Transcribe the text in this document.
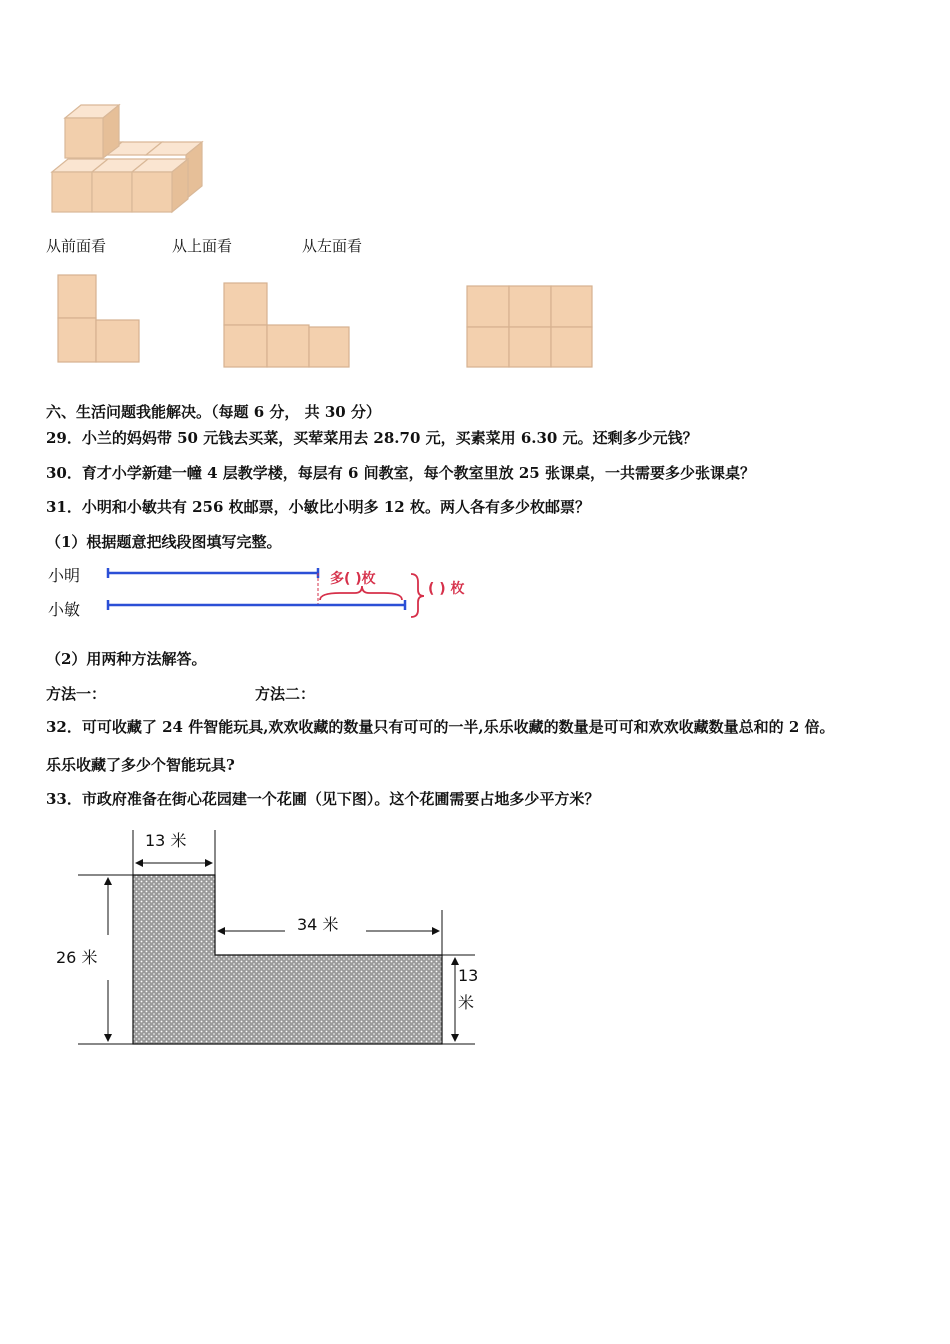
从前面看	从上面看	从左面看
六、生活问题我能解决。（每题 6 分， 共 30 分）
29．小兰的妈妈带 50 元钱去买菜，买荤菜用去 28.70 元，买素菜用 6.30 元。还剩多少元钱？
30．育才小学新建一幢 4 层教学楼，每层有 6 间教室，每个教室里放 25 张课桌，一共需要多少张课桌？
31．小明和小敏共有 256 枚邮票，小敏比小明多 12 枚。两人各有多少枚邮票？
（1）根据题意把线段图填写完整。
小明
小敏
多( )枚
( ) 枚
（2）用两种方法解答。
方法一：	方法二：
32．可可收藏了 24 件智能玩具,欢欢收藏的数量只有可可的一半,乐乐收藏的数量是可可和欢欢收藏数量总和的 2 倍。
乐乐收藏了多少个智能玩具?
33．市政府准备在街心花园建一个花圃（见下图）。这个花圃需要占地多少平方米？
13 米
34 米
26 米
13
米
